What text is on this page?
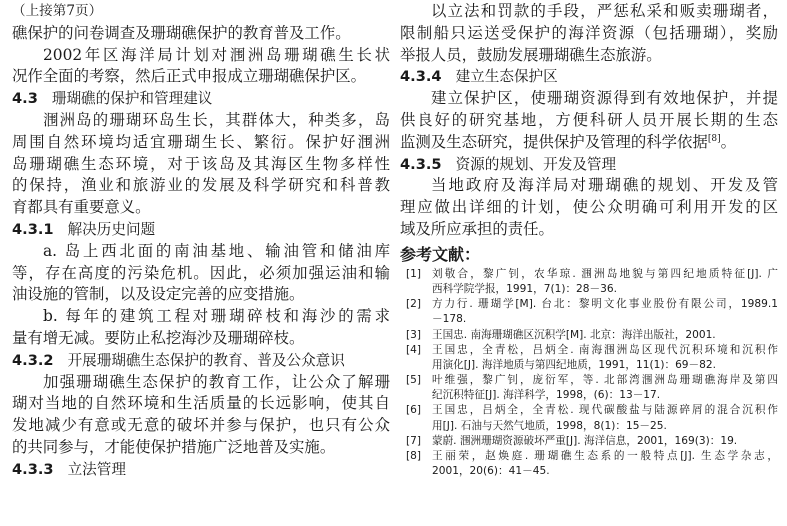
（上接第7页）
礁保护的问卷调查及珊瑚礁保护的教育普及工作。
2002年区海洋局计划对涠洲岛珊瑚礁生长状
况作全面的考察，然后正式申报成立珊瑚礁保护区。
4.3 珊瑚礁的保护和管理建议
涠洲岛的珊瑚环岛生长，其群体大，种类多，岛
周围自然环境均适宜珊瑚生长、繁衍。保护好涠洲
岛珊瑚礁生态环境，对于该岛及其海区生物多样性
的保持，渔业和旅游业的发展及科学研究和科普教
育都具有重要意义。
4.3.1 解决历史问题
a. 岛上西北面的南油基地、输油管和储油库
等，存在高度的污染危机。因此，必须加强运油和输
油设施的管制，以及设定完善的应变措施。
b. 每年的建筑工程对珊瑚碎枝和海沙的需求
量有增无减。要防止私挖海沙及珊瑚碎枝。
4.3.2 开展珊瑚礁生态保护的教育、普及公众意识
加强珊瑚礁生态保护的教育工作，让公众了解珊
瑚对当地的自然环境和生活质量的长远影响，使其自
发地减少有意或无意的破坏并参与保护，也只有公众
的共同参与，才能使保护措施广泛地普及实施。
4.3.3 立法管理
以立法和罚款的手段，严惩私采和贩卖珊瑚者，
限制船只运送受保护的海洋资源（包括珊瑚），奖励
举报人员，鼓励发展珊瑚礁生态旅游。
4.3.4 建立生态保护区
建立保护区，使珊瑚资源得到有效地保护，并提
供良好的研究基地，方便科研人员开展长期的生态
监测及生态研究，提供保护及管理的科学依据[8]。
4.3.5 资源的规划、开发及管理
当地政府及海洋局对珊瑚礁的规划、开发及管
理应做出详细的计划，使公众明确可利用开发的区
域及所应承担的责任。
参考文献：
[1] 刘敬合，黎广钊，农华琼. 涠洲岛地貌与第四纪地质特征[J]. 广
西科学院学报，1991，7(1)：28－36.
[2] 方力行. 珊瑚学[M]. 台北：黎明文化事业股份有限公司，1989.1
－178.
[3] 王国忠. 南海珊瑚礁区沉积学[M]. 北京：海洋出版社，2001.
[4] 王国忠，全青松，吕炳全. 南海涠洲岛区现代沉积环境和沉积作
用演化[J]. 海洋地质与第四纪地质，1991，11(1)：69－82.
[5] 叶维强，黎广钊，庞衍军，等. 北部湾涠洲岛珊瑚礁海岸及第四
纪沉积特征[J]. 海洋科学，1998，(6)：13－17.
[6] 王国忠，吕炳全，全青松. 现代碳酸盐与陆源碎屑的混合沉积作
用[J]. 石油与天然气地质，1998，8(1)：15－25.
[7] 蒙蔚. 涠洲珊瑚资源破坏严重[J]. 海洋信息，2001，169(3)：19.
[8] 王丽荣，赵焕庭. 珊瑚礁生态系的一般特点[J]. 生态学杂志，
2001，20(6)：41－45.
